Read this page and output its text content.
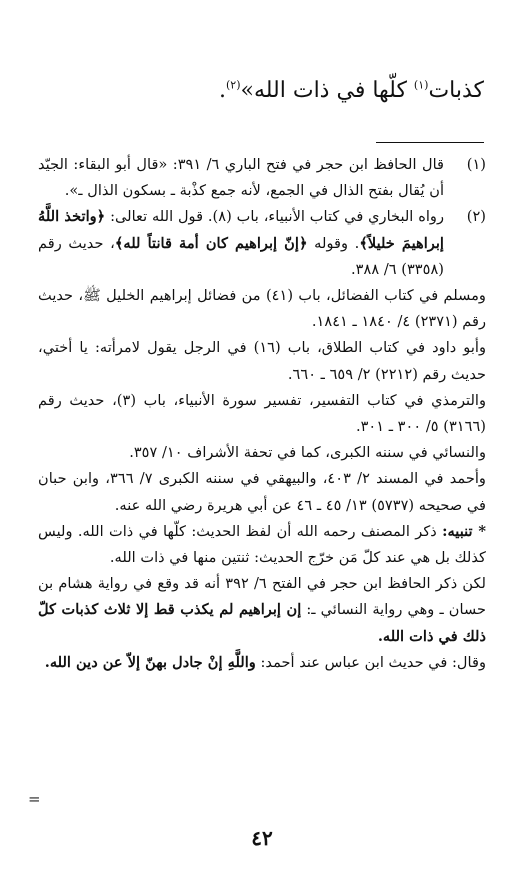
كذبات$^{(١)}$ كلّها في ذات الله»$^{(٢)}$.
(١)
قال الحافظ ابن حجر في فتح الباري ٦/ ٣٩١: «قال أبو البقاء: الجيّد أن يُقال بفتح الذال في الجمع، لأنه جمع كذْبة ـ بسكون الذال ـ».
(٢)
رواه البخاري في كتاب الأنبياء، باب (٨). قول الله تعالى: ﴿واتخذ اللَّهُ إبراهيمَ خليلاً﴾. وقوله ﴿إنّ إبراهيم كان أمة قانتاً لله﴾، حديث رقم (٣٣٥٨) ٦/ ٣٨٨.
ومسلم في كتاب الفضائل، باب (٤١) من فضائل إبراهيم الخليل ﷺ، حديث رقم (٢٣٧١) ٤/ ١٨٤٠ ـ ١٨٤١.
وأبو داود في كتاب الطلاق، باب (١٦) في الرجل يقول لامرأته: يا أختي، حديث رقم (٢٢١٢) ٢/ ٦٥٩ ـ ٦٦٠.
والترمذي في كتاب التفسير، تفسير سورة الأنبياء، باب (٣)، حديث رقم (٣١٦٦) ٥/ ٣٠٠ ـ ٣٠١.
والنسائي في سننه الكبرى، كما في تحفة الأشراف ١٠/ ٣٥٧.
وأحمد في المسند ٢/ ٤٠٣، والبيهقي في سننه الكبرى ٧/ ٣٦٦، وابن حبان في صحيحه (٥٧٣٧) ١٣/ ٤٥ ـ ٤٦ عن أبي هريرة رضي الله عنه.
* تنبيه: ذكر المصنف رحمه الله أن لفظ الحديث: كلّها في ذات الله. وليس كذلك بل هي عند كلّ مَن خرّج الحديث: ثنتين منها في ذات الله.
لكن ذكر الحافظ ابن حجر في الفتح ٦/ ٣٩٢ أنه قد وقع في رواية هشام بن حسان ـ وهي رواية النسائي ـ: إن إبراهيم لم يكذب قط إلا ثلاث كذبات كلّ ذلك في ذات الله.
وقال: في حديث ابن عباس عند أحمد: واللَّهِ إنْ جادل بهنّ إلاّ عن دين الله.
=
٤٢
